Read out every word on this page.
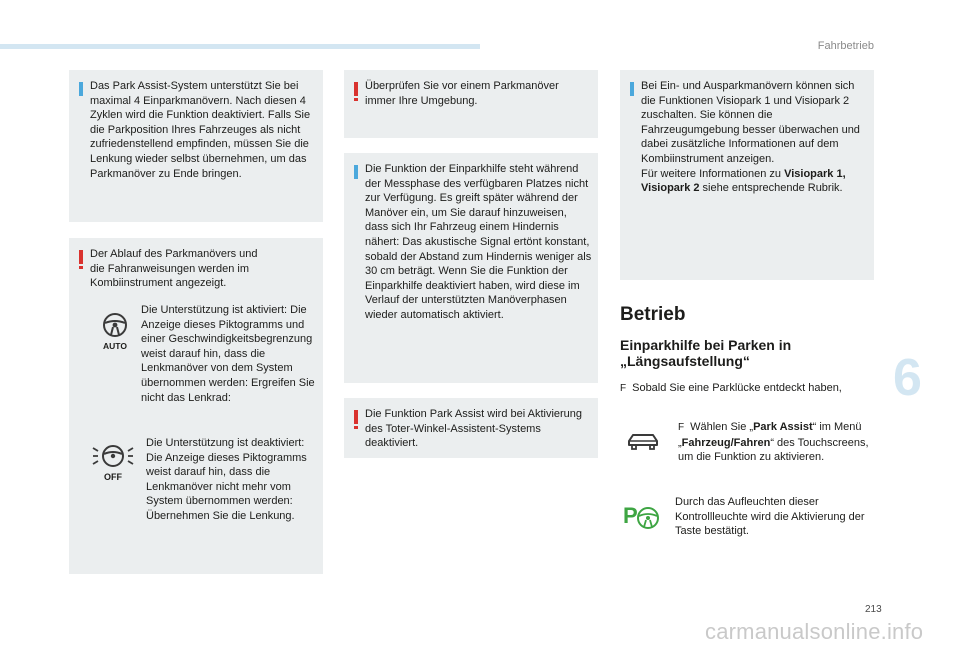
Fahrbetrieb

Das Park Assist-System unterstützt Sie bei maximal 4 Einparkmanövern. Nach diesen 4 Zyklen wird die Funktion deaktiviert. Falls Sie die Parkposition Ihres Fahrzeuges als nicht zufriedenstellend empfinden, müssen Sie die Lenkung wieder selbst übernehmen, um das Parkmanöver zu Ende bringen.

Der Ablauf des Parkmanövers und die Fahranweisungen werden im Kombiinstrument angezeigt.

AUTO

Die Unterstützung ist aktiviert: Die Anzeige dieses Piktogramms und einer Geschwindigkeitsbegrenzung weist darauf hin, dass die Lenkmanöver von dem System übernommen werden: Ergreifen Sie nicht das Lenkrad:

OFF

Die Unterstützung ist deaktiviert: Die Anzeige dieses Piktogramms weist darauf hin, dass die Lenkmanöver nicht mehr vom System übernommen werden: Übernehmen Sie die Lenkung.

Überprüfen Sie vor einem Parkmanöver immer Ihre Umgebung.

Die Funktion der Einparkhilfe steht während der Messphase des verfügbaren Platzes nicht zur Verfügung. Es greift später während der Manöver ein, um Sie darauf hinzuweisen, dass sich Ihr Fahrzeug einem Hindernis nähert: Das akustische Signal ertönt konstant, sobald der Abstand zum Hindernis weniger als 30 cm beträgt. Wenn Sie die Funktion der Einparkhilfe deaktiviert haben, wird diese im Verlauf der unterstützten Manöverphasen wieder automatisch aktiviert.

Die Funktion Park Assist wird bei Aktivierung des Toter-Winkel-Assistent-Systems deaktiviert.

Bei Ein- und Ausparkmanövern können sich die Funktionen Visiopark 1 und Visiopark 2 zuschalten. Sie können die Fahrzeugumgebung besser überwachen und dabei zusätzliche Informationen auf dem Kombiinstrument anzeigen.
Für weitere Informationen zu Visiopark 1, Visiopark 2 siehe entsprechende Rubrik.

Betrieb
Einparkhilfe bei Parken in
„Längsaufstellung“

F Sobald Sie eine Parklücke entdeckt haben,

F Wählen Sie „Park Assist“ im Menü „Fahrzeug/Fahren“ des Touchscreens, um die Funktion zu aktivieren.

P

Durch das Aufleuchten dieser Kontrollleuchte wird die Aktivierung der Taste bestätigt.

6
213
carmanualsonline.info
